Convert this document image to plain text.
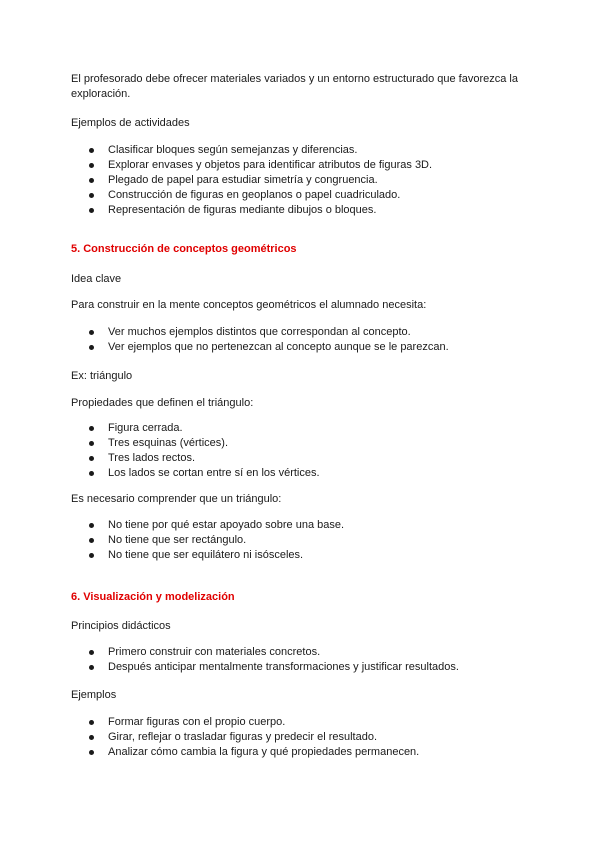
El profesorado debe ofrecer materiales variados y un entorno estructurado que favorezca la exploración.

Ejemplos de actividades

Clasificar bloques según semejanzas y diferencias.
Explorar envases y objetos para identificar atributos de figuras 3D.
Plegado de papel para estudiar simetría y congruencia.
Construcción de figuras en geoplanos o papel cuadriculado.
Representación de figuras mediante dibujos o bloques.

5. Construcción de conceptos geométricos

Idea clave

Para construir en la mente conceptos geométricos el alumnado necesita:

Ver muchos ejemplos distintos que correspondan al concepto.
Ver ejemplos que no pertenezcan al concepto aunque se le parezcan.

Ex: triángulo

Propiedades que definen el triángulo:

Figura cerrada.
Tres esquinas (vértices).
Tres lados rectos.
Los lados se cortan entre sí en los vértices.

Es necesario comprender que un triángulo:

No tiene por qué estar apoyado sobre una base.
No tiene que ser rectángulo.
No tiene que ser equilátero ni isósceles.

6. Visualización y modelización

Principios didácticos

Primero construir con materiales concretos.
Después anticipar mentalmente transformaciones y justificar resultados.

Ejemplos

Formar figuras con el propio cuerpo.
Girar, reflejar o trasladar figuras y predecir el resultado.
Analizar cómo cambia la figura y qué propiedades permanecen.
